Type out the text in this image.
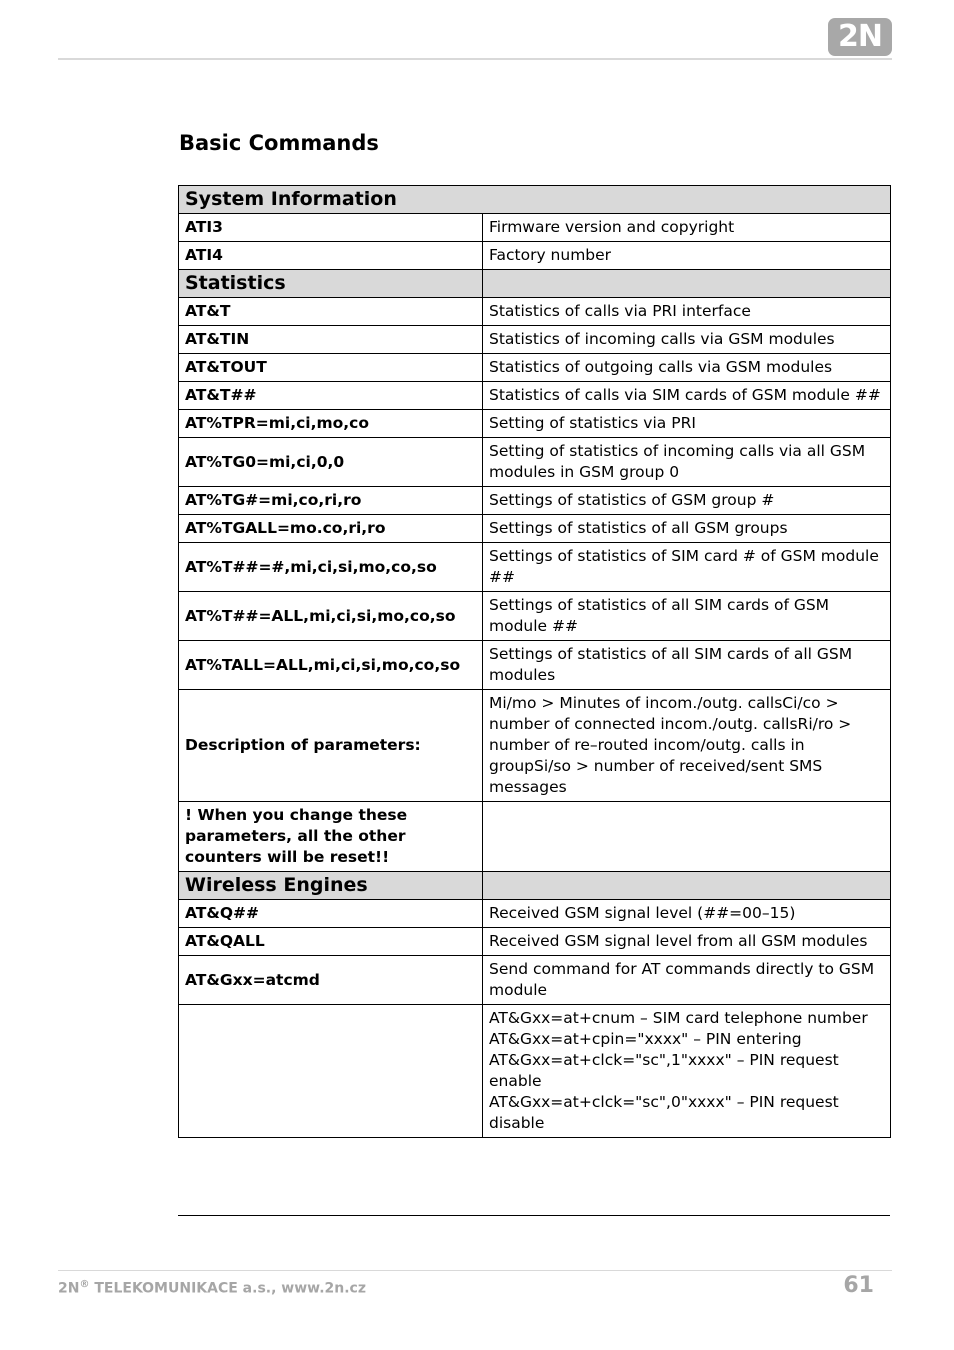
2N
Basic Commands
System Information	
ATI3	Firmware version and copyright

ATI4	Factory number

Statistics	
AT&T	Statistics of calls via PRI interface

AT&TIN	Statistics of incoming calls via GSM modules

AT&TOUT	Statistics of outgoing calls via GSM modules

AT&T##	Statistics of calls via SIM cards of GSM module ##

AT%TPR=mi,ci,mo,co	Setting of statistics via PRI

AT%TG0=mi,ci,0,0	Setting of statistics of incoming calls via all GSM modules in GSM group 0

AT%TG#=mi,co,ri,ro	Settings of statistics of GSM group #

AT%TGALL=mo.co,ri,ro	Settings of statistics of all GSM groups

AT%T##=#,mi,ci,si,mo,co,so	Settings of statistics of SIM card # of GSM module ##

AT%T##=ALL,mi,ci,si,mo,co,so	Settings of statistics of all SIM cards of GSM module ##

AT%TALL=ALL,mi,ci,si,mo,co,so	Settings of statistics of all SIM cards of all GSM modules

Description of parameters:	Mi/mo > Minutes of incom./outg. callsCi/co > number of connected incom./outg. callsRi/ro > number of re–routed incom/outg. calls in groupSi/so > number of received/sent SMS messages

! When you change these parameters, all the other counters will be reset!!	

Wireless Engines	
AT&Q##	Received GSM signal level (##=00–15)

AT&QALL	Received GSM signal level from all GSM modules

AT&Gxx=atcmd	Send command for AT commands directly to GSM module

	AT&Gxx=at+cnum – SIM card telephone number
AT&Gxx=at+cpin="xxxx" – PIN entering
AT&Gxx=at+clck="sc",1"xxxx" – PIN request enable
AT&Gxx=at+clck="sc",0"xxxx" – PIN request disable
2N® TELEKOMUNIKACE a.s., www.2n.cz	61
